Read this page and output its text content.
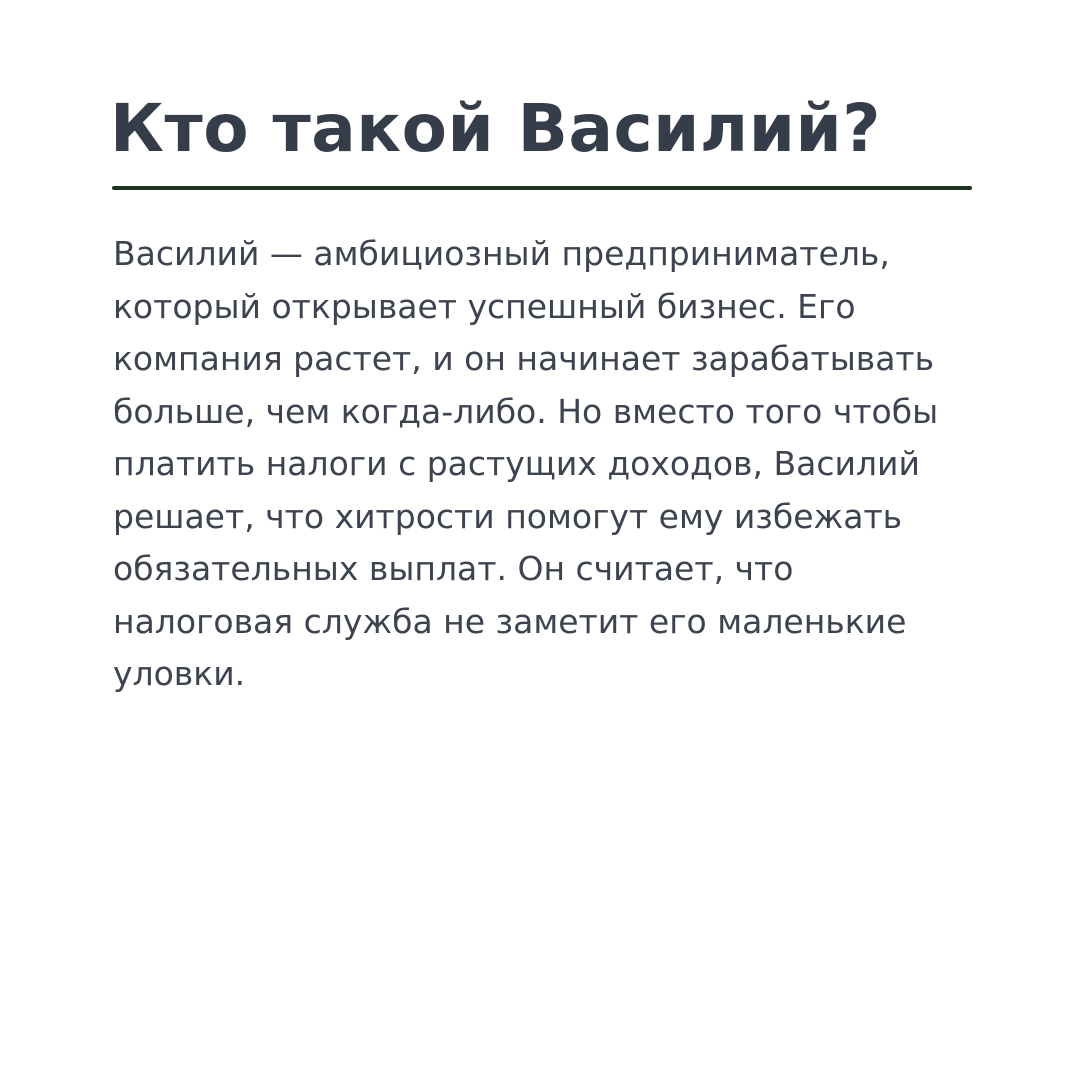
Кто такой Василий?

Василий — амбициозный предприниматель,
который открывает успешный бизнес. Его
компания растет, и он начинает зарабатывать
больше, чем когда-либо. Но вместо того чтобы
платить налоги с растущих доходов, Василий
решает, что хитрости помогут ему избежать
обязательных выплат. Он считает, что
налоговая служба не заметит его маленькие
уловки.
